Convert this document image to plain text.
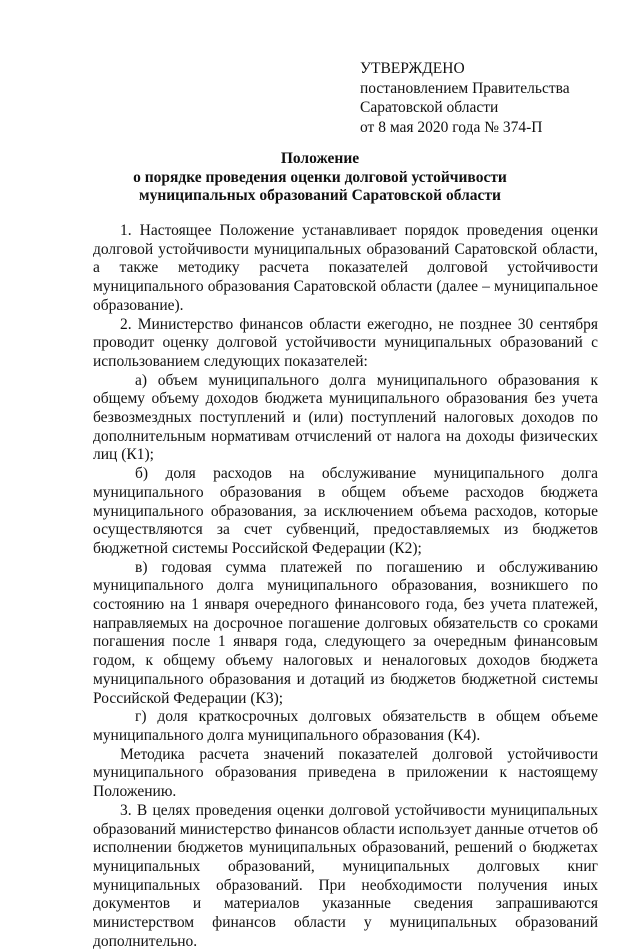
УТВЕРЖДЕНО
постановлением Правительства
Саратовской области
от 8 мая 2020 года № 374-П
Положение
о порядке проведения оценки долговой устойчивости
муниципальных образований Саратовской области

1. Настоящее Положение устанавливает порядок проведения оценки долговой устойчивости муниципальных образований Саратовской области, а также методику расчета показателей долговой устойчивости муниципального образования Саратовской области (далее – муниципальное образование).

2. Министерство финансов области ежегодно, не позднее 30 сентября проводит оценку долговой устойчивости муниципальных образований с использованием следующих показателей:

а) объем муниципального долга муниципального образования к общему объему доходов бюджета муниципального образования без учета безвозмездных поступлений и (или) поступлений налоговых доходов по дополнительным нормативам отчислений от налога на доходы физических лиц (К1);

б) доля расходов на обслуживание муниципального долга муниципального образования в общем объеме расходов бюджета муниципального образования, за исключением объема расходов, которые осуществляются за счет субвенций, предоставляемых из бюджетов бюджетной системы Российской Федерации (К2);

в) годовая сумма платежей по погашению и обслуживанию муниципального долга муниципального образования, возникшего по состоянию на 1 января очередного финансового года, без учета платежей, направляемых на досрочное погашение долговых обязательств со сроками погашения после 1 января года, следующего за очередным финансовым годом, к общему объему налоговых и неналоговых доходов бюджета муниципального образования и дотаций из бюджетов бюджетной системы Российской Федерации (К3);

г) доля краткосрочных долговых обязательств в общем объеме муниципального долга муниципального образования (К4).

Методика расчета значений показателей долговой устойчивости муниципального образования приведена в приложении к настоящему Положению.

3. В целях проведения оценки долговой устойчивости муниципальных образований министерство финансов области использует данные отчетов об исполнении бюджетов муниципальных образований, решений о бюджетах муниципальных образований, муниципальных долговых книг муниципальных образований. При необходимости получения иных документов и материалов указанные сведения запрашиваются министерством финансов области у муниципальных образований дополнительно.
